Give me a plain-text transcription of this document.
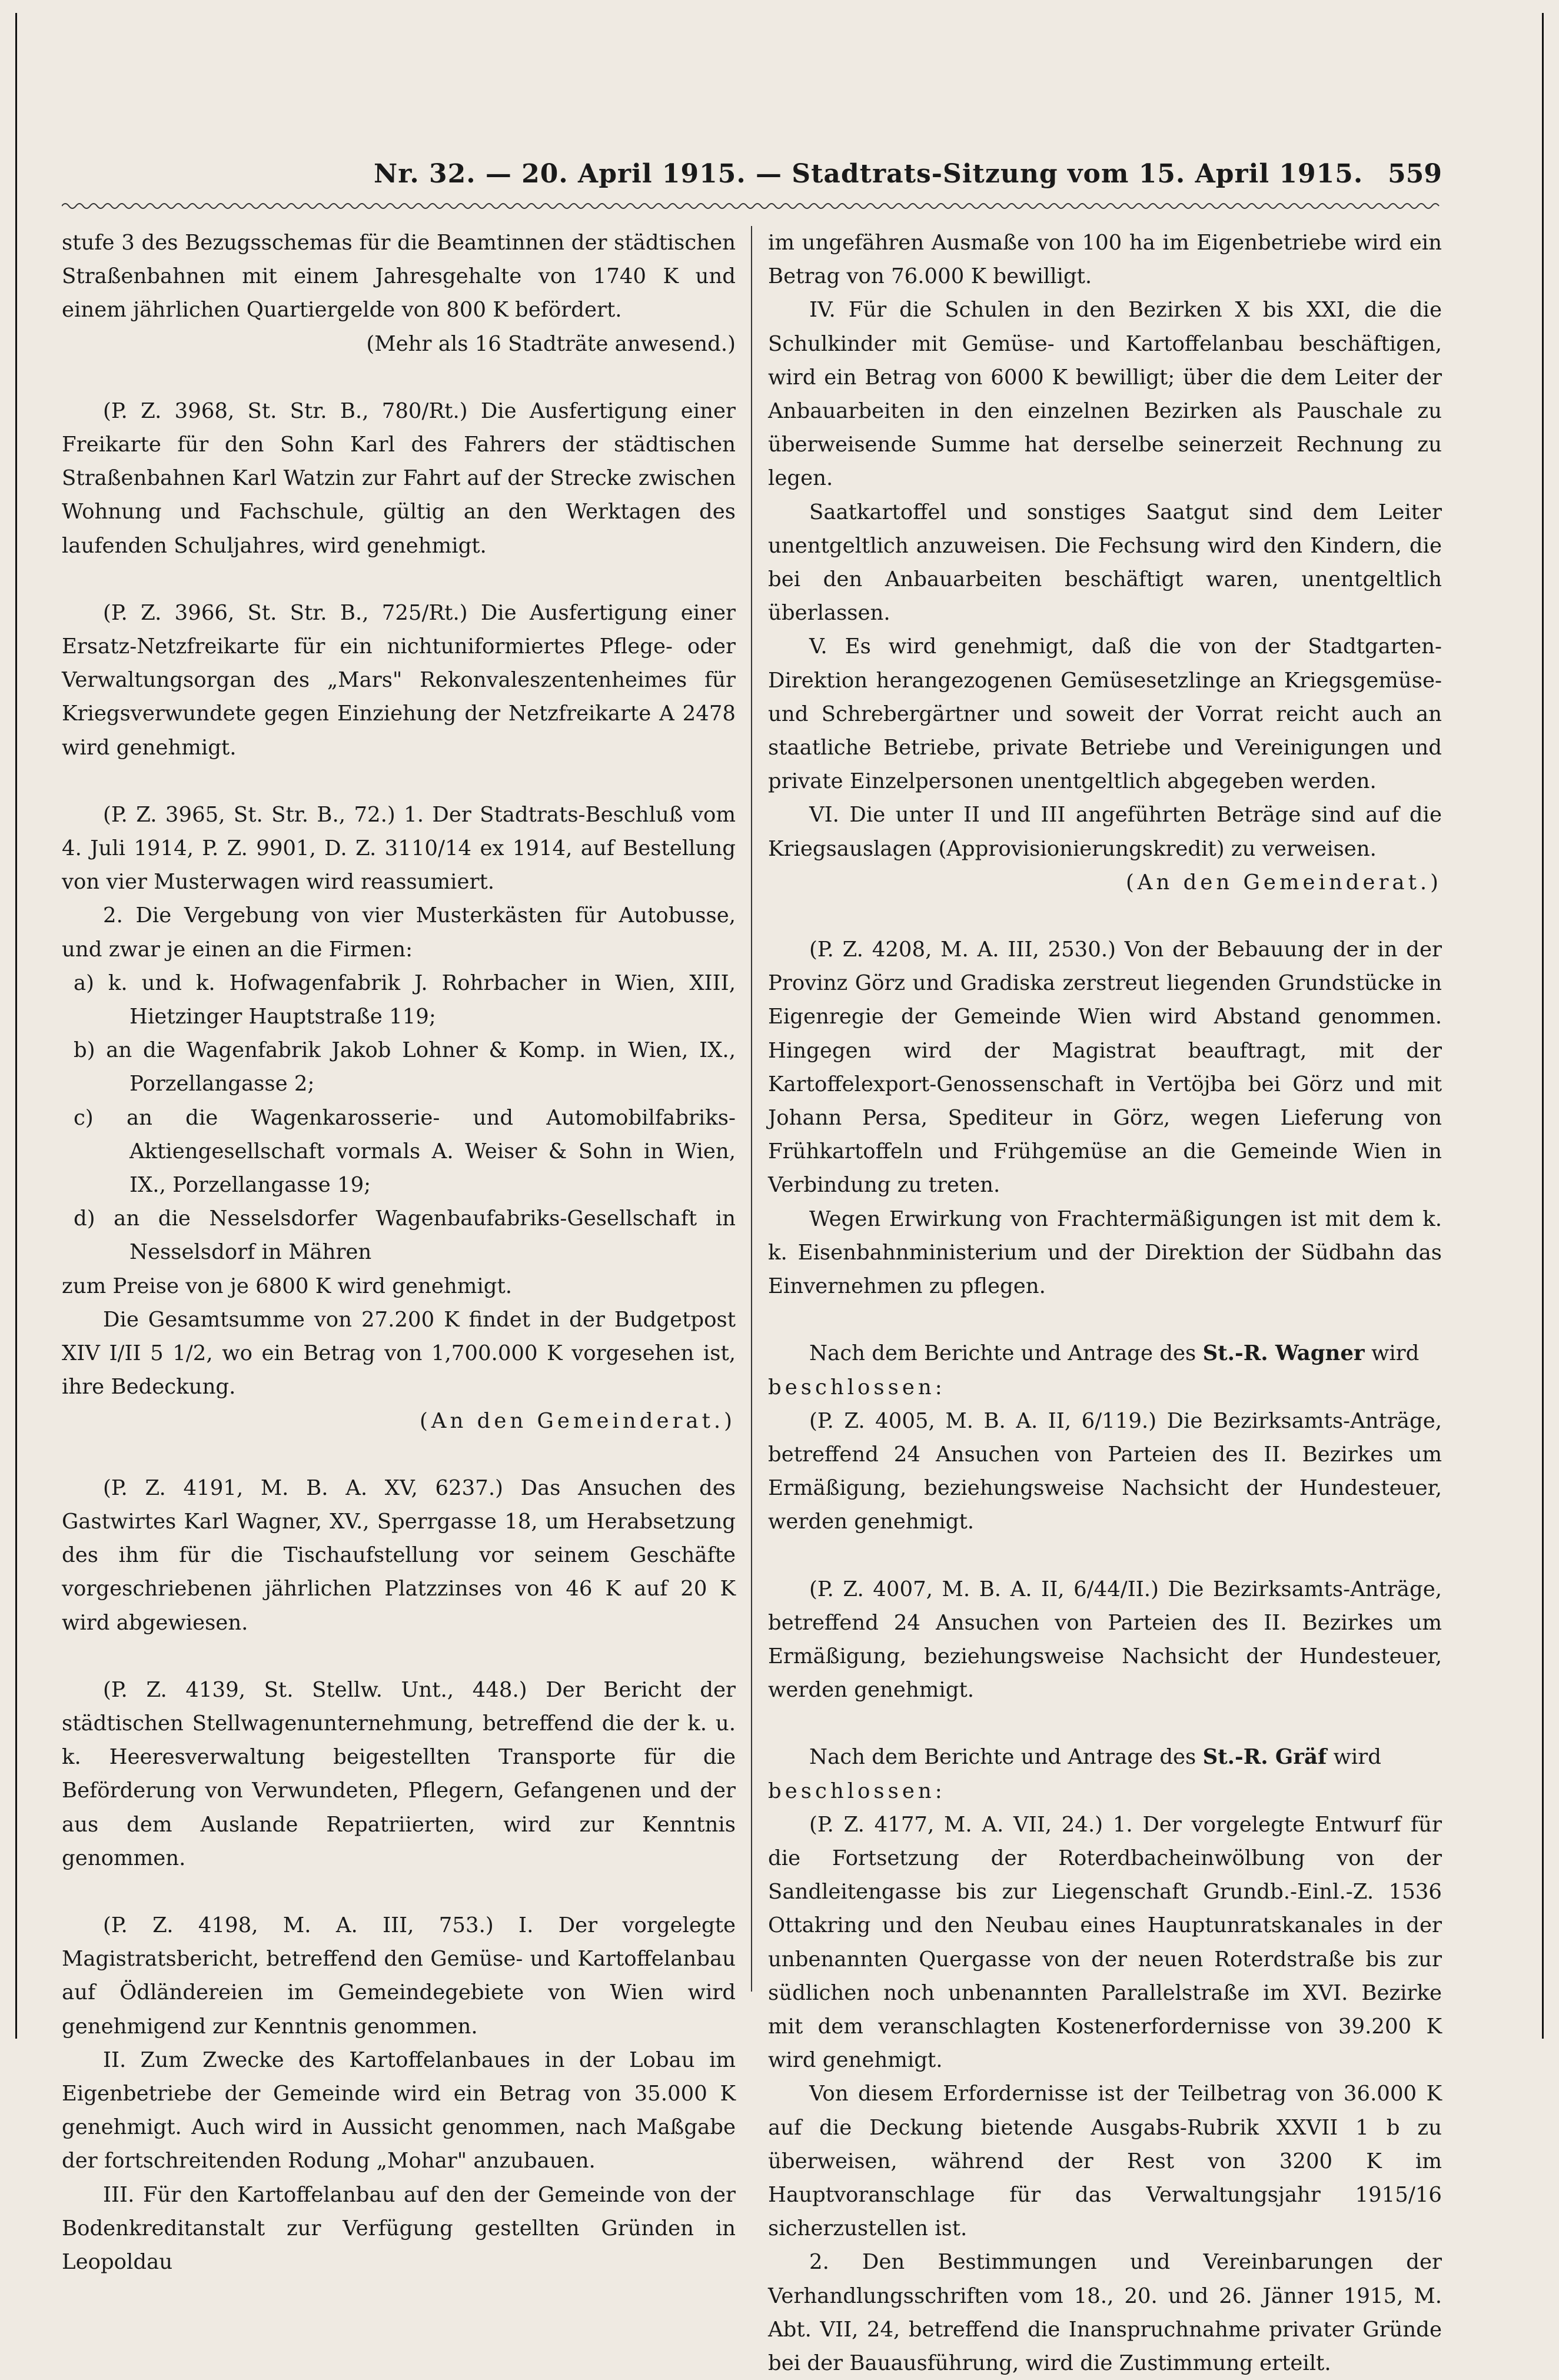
Nr. 32. — 20. April 1915. — Stadtrats-Sitzung vom 15. April 1915. 559

stufe 3 des Bezugsschemas für die Beamtinnen der städtischen Straßenbahnen mit einem Jahresgehalte von 1740 K und einem jährlichen Quartiergelde von 800 K befördert.

(Mehr als 16 Stadträte anwesend.)

(P. Z. 3968, St. Str. B., 780/Rt.) Die Ausfertigung einer Freikarte für den Sohn Karl des Fahrers der städtischen Straßenbahnen Karl Watzin zur Fahrt auf der Strecke zwischen Wohnung und Fachschule, gültig an den Werktagen des laufenden Schuljahres, wird genehmigt.

(P. Z. 3966, St. Str. B., 725/Rt.) Die Ausfertigung einer Ersatz-Netzfreikarte für ein nichtuniformiertes Pflege- oder Verwaltungsorgan des „Mars" Rekonvaleszentenheimes für Kriegsverwundete gegen Einziehung der Netzfreikarte A 2478 wird genehmigt.

(P. Z. 3965, St. Str. B., 72.) 1. Der Stadtrats-Beschluß vom 4. Juli 1914, P. Z. 9901, D. Z. 3110/14 ex 1914, auf Bestellung von vier Musterwagen wird reassumiert.

2. Die Vergebung von vier Musterkästen für Autobusse, und zwar je einen an die Firmen:

a) k. und k. Hofwagenfabrik J. Rohrbacher in Wien, XIII, Hietzinger Hauptstraße 119;
b) an die Wagenfabrik Jakob Lohner & Komp. in Wien, IX., Porzellangasse 2;
c) an die Wagenkarosserie- und Automobilfabriks-Aktiengesellschaft vormals A. Weiser & Sohn in Wien, IX., Porzellangasse 19;
d) an die Nesselsdorfer Wagenbaufabriks-Gesellschaft in Nesselsdorf in Mähren

zum Preise von je 6800 K wird genehmigt.

Die Gesamtsumme von 27.200 K findet in der Budgetpost XIV I/II 5 1/2, wo ein Betrag von 1,700.000 K vorgesehen ist, ihre Bedeckung.

(An den Gemeinderat.)

(P. Z. 4191, M. B. A. XV, 6237.) Das Ansuchen des Gastwirtes Karl Wagner, XV., Sperrgasse 18, um Herabsetzung des ihm für die Tischaufstellung vor seinem Geschäfte vorgeschriebenen jährlichen Platzzinses von 46 K auf 20 K wird abgewiesen.

(P. Z. 4139, St. Stellw. Unt., 448.) Der Bericht der städtischen Stellwagenunternehmung, betreffend die der k. u. k. Heeresverwaltung beigestellten Transporte für die Beförderung von Verwundeten, Pflegern, Gefangenen und der aus dem Auslande Repatriierten, wird zur Kenntnis genommen.

(P. Z. 4198, M. A. III, 753.) I. Der vorgelegte Magistratsbericht, betreffend den Gemüse- und Kartoffelanbau auf Ödländereien im Gemeindegebiete von Wien wird genehmigend zur Kenntnis genommen.

II. Zum Zwecke des Kartoffelanbaues in der Lobau im Eigenbetriebe der Gemeinde wird ein Betrag von 35.000 K genehmigt. Auch wird in Aussicht genommen, nach Maßgabe der fortschreitenden Rodung „Mohar" anzubauen.

III. Für den Kartoffelanbau auf den der Gemeinde von der Bodenkreditanstalt zur Verfügung gestellten Gründen in Leopoldau

im ungefähren Ausmaße von 100 ha im Eigenbetriebe wird ein Betrag von 76.000 K bewilligt.

IV. Für die Schulen in den Bezirken X bis XXI, die die Schulkinder mit Gemüse- und Kartoffelanbau beschäftigen, wird ein Betrag von 6000 K bewilligt; über die dem Leiter der Anbauarbeiten in den einzelnen Bezirken als Pauschale zu überweisende Summe hat derselbe seinerzeit Rechnung zu legen.

Saatkartoffel und sonstiges Saatgut sind dem Leiter unentgeltlich anzuweisen. Die Fechsung wird den Kindern, die bei den Anbauarbeiten beschäftigt waren, unentgeltlich überlassen.

V. Es wird genehmigt, daß die von der Stadtgarten-Direktion herangezogenen Gemüsesetzlinge an Kriegsgemüse- und Schrebergärtner und soweit der Vorrat reicht auch an staatliche Betriebe, private Betriebe und Vereinigungen und private Einzelpersonen unentgeltlich abgegeben werden.

VI. Die unter II und III angeführten Beträge sind auf die Kriegsauslagen (Approvisionierungskredit) zu verweisen.

(An den Gemeinderat.)

(P. Z. 4208, M. A. III, 2530.) Von der Bebauung der in der Provinz Görz und Gradiska zerstreut liegenden Grundstücke in Eigenregie der Gemeinde Wien wird Abstand genommen. Hingegen wird der Magistrat beauftragt, mit der Kartoffelexport-Genossenschaft in Vertöjba bei Görz und mit Johann Persa, Spediteur in Görz, wegen Lieferung von Frühkartoffeln und Frühgemüse an die Gemeinde Wien in Verbindung zu treten.

Wegen Erwirkung von Frachtermäßigungen ist mit dem k. k. Eisenbahnministerium und der Direktion der Südbahn das Einvernehmen zu pflegen.

Nach dem Berichte und Antrage des St.-R. Wagner wird

beschlossen:

(P. Z. 4005, M. B. A. II, 6/119.) Die Bezirksamts-Anträge, betreffend 24 Ansuchen von Parteien des II. Bezirkes um Ermäßigung, beziehungsweise Nachsicht der Hundesteuer, werden genehmigt.

(P. Z. 4007, M. B. A. II, 6/44/II.) Die Bezirksamts-Anträge, betreffend 24 Ansuchen von Parteien des II. Bezirkes um Ermäßigung, beziehungsweise Nachsicht der Hundesteuer, werden genehmigt.

Nach dem Berichte und Antrage des St.-R. Gräf wird

beschlossen:

(P. Z. 4177, M. A. VII, 24.) 1. Der vorgelegte Entwurf für die Fortsetzung der Roterdbacheinwölbung von der Sandleitengasse bis zur Liegenschaft Grundb.-Einl.-Z. 1536 Ottakring und den Neubau eines Hauptunratskanales in der unbenannten Quergasse von der neuen Roterdstraße bis zur südlichen noch unbenannten Parallelstraße im XVI. Bezirke mit dem veranschlagten Kostenerfordernisse von 39.200 K wird genehmigt.

Von diesem Erfordernisse ist der Teilbetrag von 36.000 K auf die Deckung bietende Ausgabs-Rubrik XXVII 1 b zu überweisen, während der Rest von 3200 K im Hauptvoranschlage für das Verwaltungsjahr 1915/16 sicherzustellen ist.

2. Den Bestimmungen und Vereinbarungen der Verhandlungsschriften vom 18., 20. und 26. Jänner 1915, M. Abt. VII, 24, betreffend die Inanspruchnahme privater Gründe bei der Bauausführung, wird die Zustimmung erteilt.
